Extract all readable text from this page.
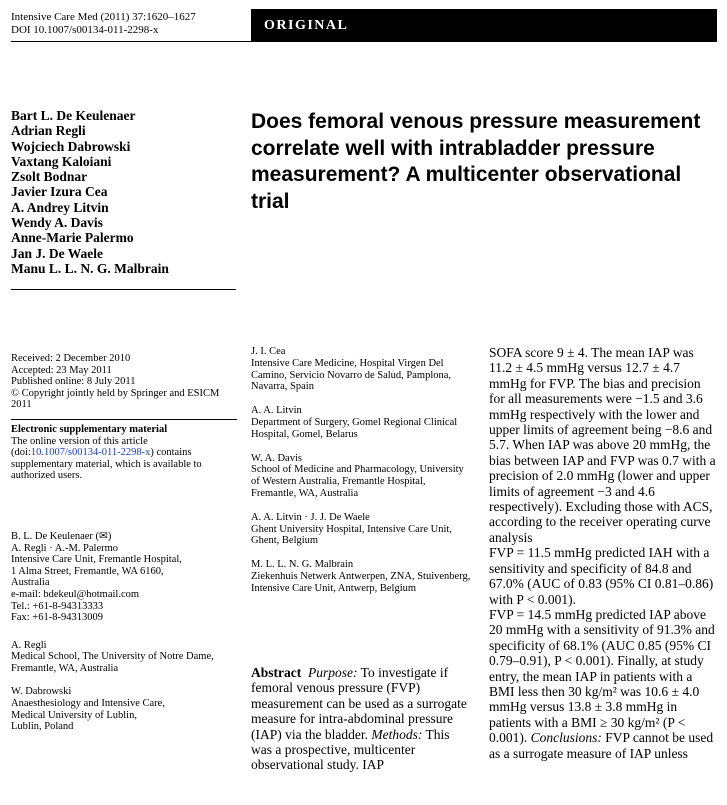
Intensive Care Med (2011) 37:1620–1627
DOI 10.1007/s00134-011-2298-x	ORIGINAL
Bart L. De Keulenaer
Adrian Regli
Wojciech Dabrowski
Vaxtang Kaloiani
Zsolt Bodnar
Javier Izura Cea
A. Andrey Litvin
Wendy A. Davis
Anne-Marie Palermo
Jan J. De Waele
Manu L. L. N. G. Malbrain
Does femoral venous pressure measurement correlate well with intrabladder pressure measurement? A multicenter observational trial
Received: 2 December 2010
Accepted: 23 May 2011
Published online: 8 July 2011
© Copyright jointly held by Springer and ESICM 2011
Electronic supplementary material
The online version of this article (doi:10.1007/s00134-011-2298-x) contains supplementary material, which is available to authorized users.
B. L. De Keulenaer (✉)
A. Regli · A.-M. Palermo
Intensive Care Unit, Fremantle Hospital,
1 Alma Street, Fremantle, WA 6160,
Australia
e-mail: bdekeul@hotmail.com
Tel.: +61-8-94313333
Fax: +61-8-94313009
A. Regli
Medical School, The University of Notre Dame, Fremantle, WA, Australia
W. Dabrowski
Anaesthesiology and Intensive Care,
Medical University of Lublin,
Lublin, Poland
J. I. Cea
Intensive Care Medicine, Hospital Virgen Del Camino, Servicio Novarro de Salud, Pamplona, Navarra, Spain
A. A. Litvin
Department of Surgery, Gomel Regional Clinical Hospital, Gomel, Belarus
W. A. Davis
School of Medicine and Pharmacology, University of Western Australia, Fremantle Hospital, Fremantle, WA, Australia
A. A. Litvin · J. J. De Waele
Ghent University Hospital, Intensive Care Unit, Ghent, Belgium
M. L. L. N. G. Malbrain
Ziekenhuis Netwerk Antwerpen, ZNA, Stuivenberg, Intensive Care Unit, Antwerp, Belgium
Abstract Purpose: To investigate if femoral venous pressure (FVP) measurement can be used as a surrogate measure for intra-abdominal pressure (IAP) via the bladder. Methods: This was a prospective, multicenter observational study. IAP
SOFA score 9 ± 4. The mean IAP was 11.2 ± 4.5 mmHg versus 12.7 ± 4.7 mmHg for FVP. The bias and precision for all measurements were −1.5 and 3.6 mmHg respectively with the lower and upper limits of agreement being −8.6 and 5.7. When IAP was above 20 mmHg, the bias between IAP and FVP was 0.7 with a precision of 2.0 mmHg (lower and upper limits of agreement −3 and 4.6 respectively). Excluding those with ACS, according to the receiver operating curve analysis
FVP = 11.5 mmHg predicted IAH with a sensitivity and specificity of 84.8 and 67.0% (AUC of 0.83 (95% CI 0.81–0.86) with P < 0.001).
FVP = 14.5 mmHg predicted IAP above 20 mmHg with a sensitivity of 91.3% and specificity of 68.1% (AUC 0.85 (95% CI 0.79–0.91), P < 0.001). Finally, at study entry, the mean IAP in patients with a BMI less then 30 kg/m² was 10.6 ± 4.0 mmHg versus 13.8 ± 3.8 mmHg in patients with a BMI ≥ 30 kg/m² (P < 0.001). Conclusions: FVP cannot be used as a surrogate measure of IAP unless
